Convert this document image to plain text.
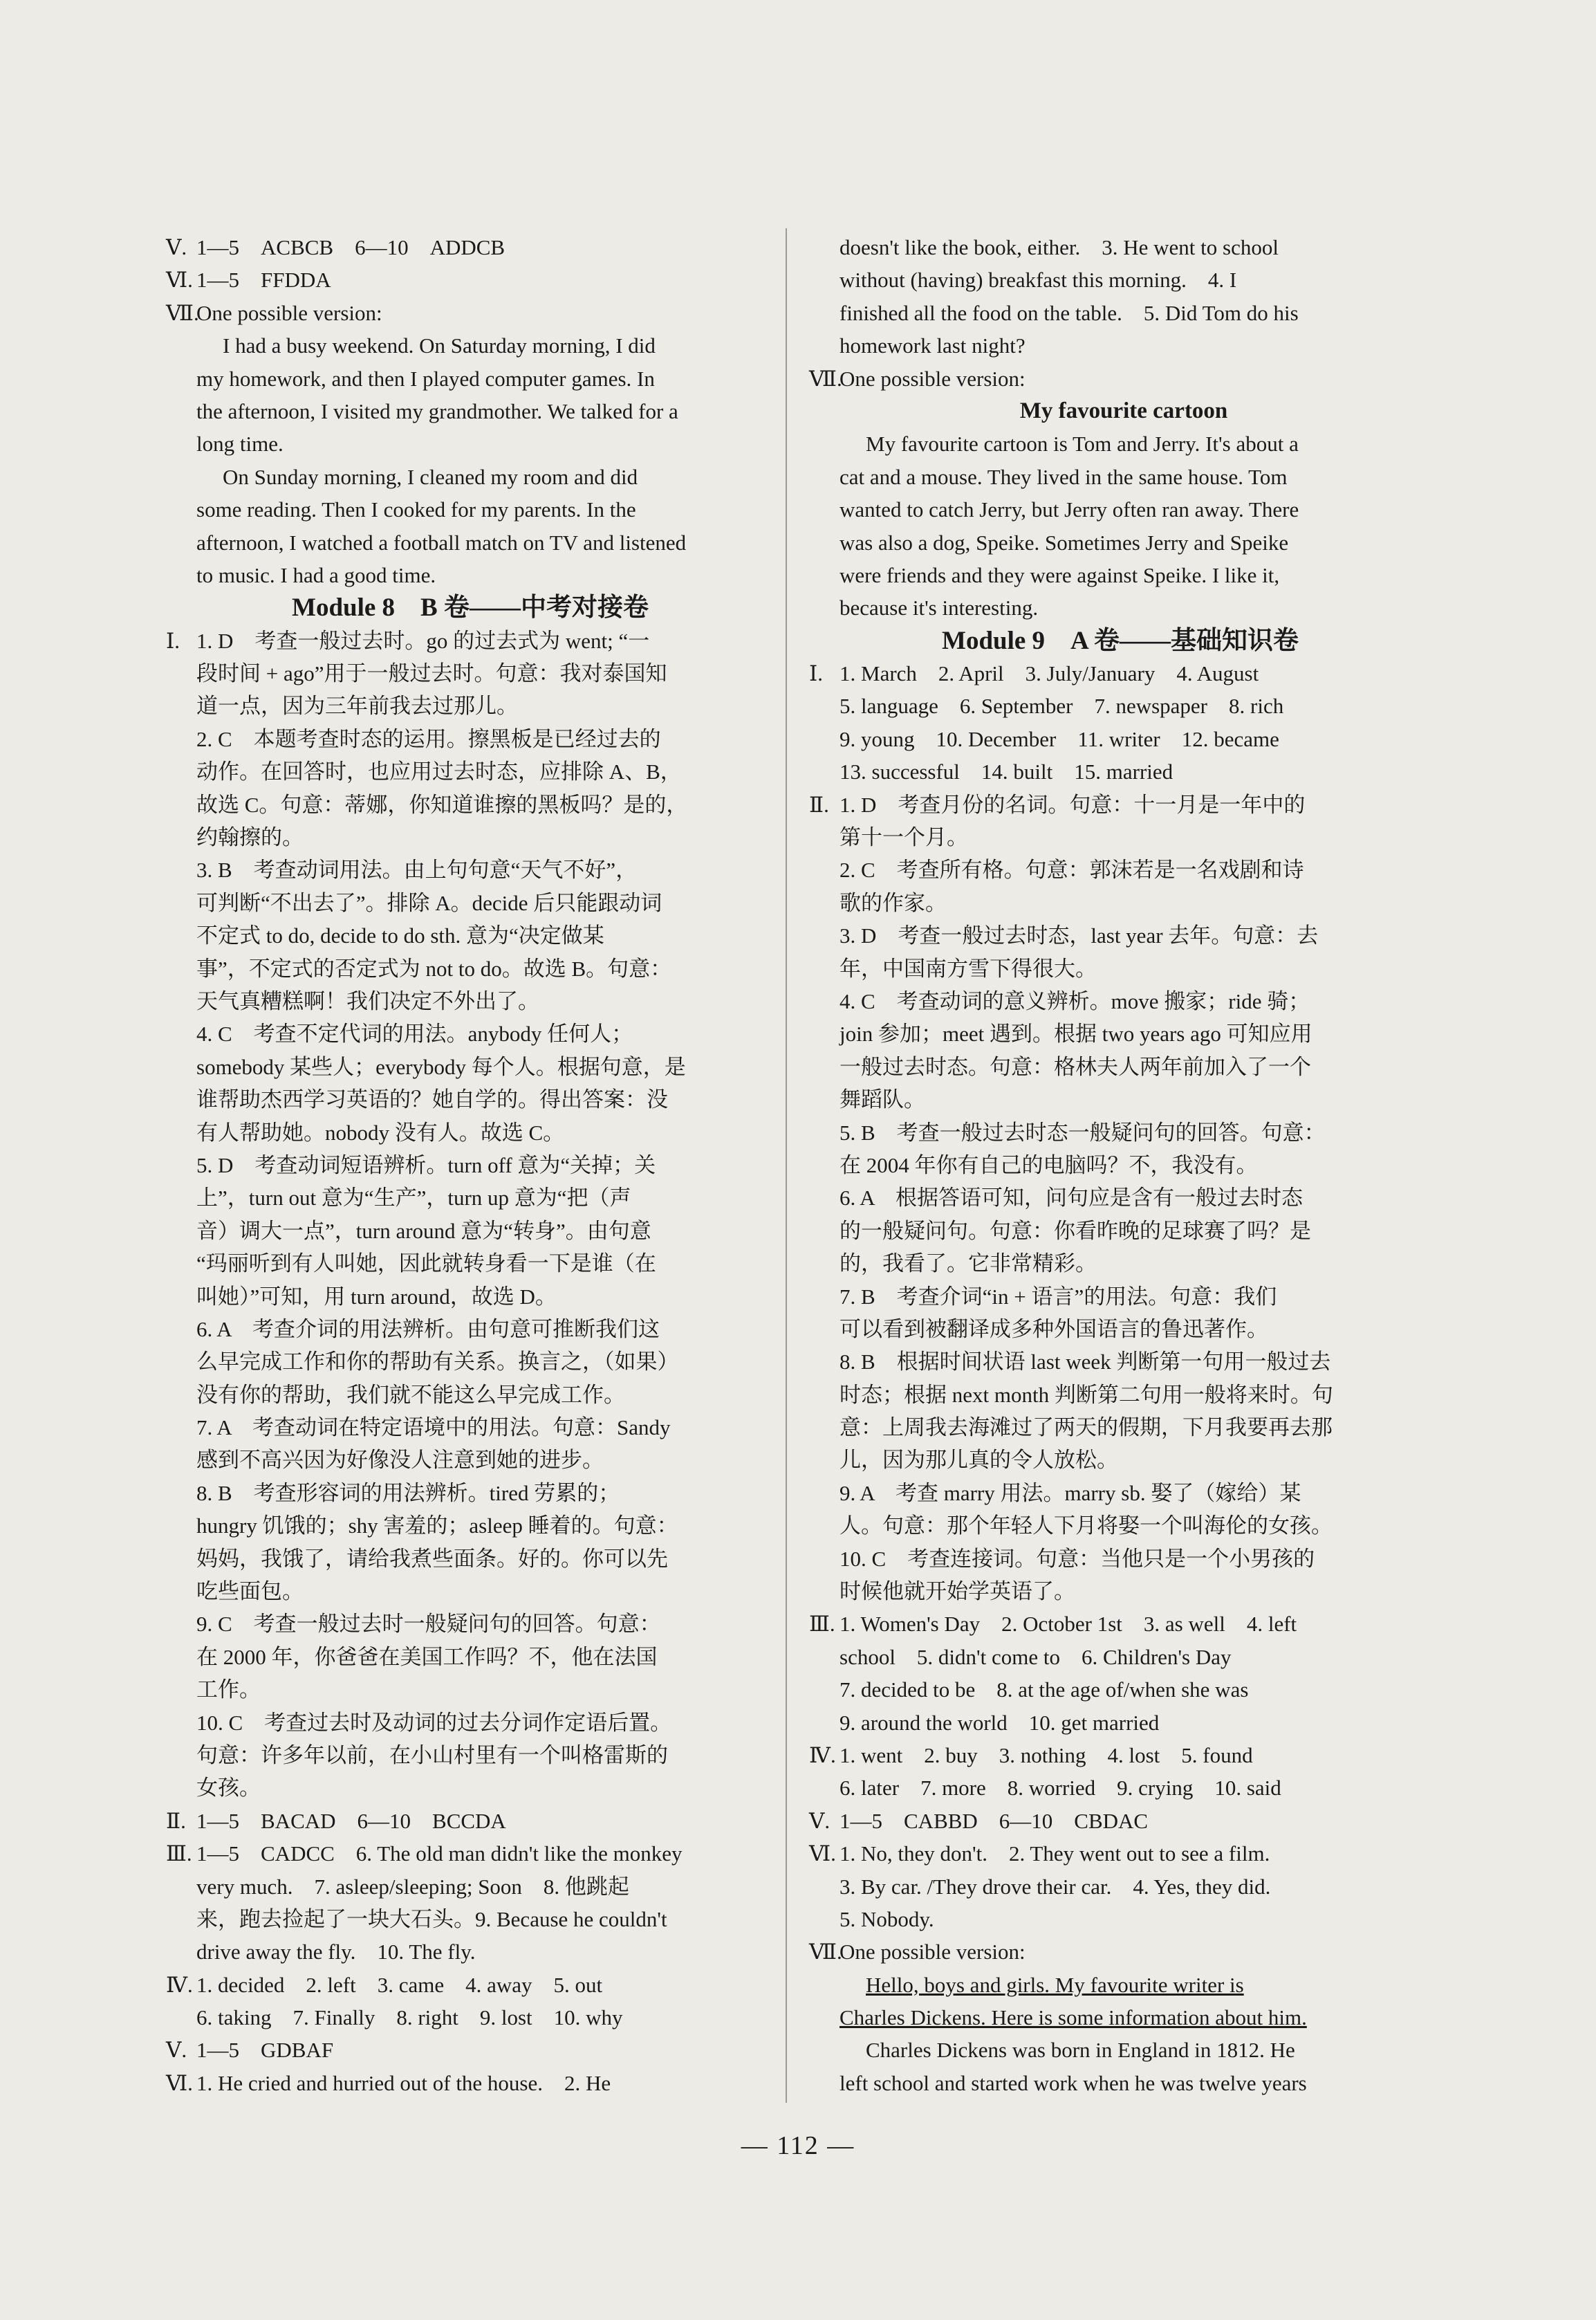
Ⅴ. 1—5　ACBCB　6—10　ADDCB
Ⅵ. 1—5　FFDDA
Ⅶ.One possible version:
I had a busy weekend. On Saturday morning, I did
my homework, and then I played computer games. In
the afternoon, I visited my grandmother. We talked for a
long time.
On Sunday morning, I cleaned my room and did
some reading. Then I cooked for my parents. In the
afternoon, I watched a football match on TV and listened
to music. I had a good time.
Module 8　B 卷——中考对接卷
Ⅰ. 1. D　考查一般过去时。go 的过去式为 went; “一
段时间 + ago”用于一般过去时。句意：我对泰国知
道一点，因为三年前我去过那儿。
2. C　本题考查时态的运用。擦黑板是已经过去的
动作。在回答时，也应用过去时态，应排除 A、B，
故选 C。句意：蒂娜，你知道谁擦的黑板吗？是的，
约翰擦的。
3. B　考查动词用法。由上句句意“天气不好”，
可判断“不出去了”。排除 A。decide 后只能跟动词
不定式 to do, decide to do sth. 意为“决定做某
事”，不定式的否定式为 not to do。故选 B。句意：
天气真糟糕啊！我们决定不外出了。
4. C　考查不定代词的用法。anybody 任何人；
somebody 某些人；everybody 每个人。根据句意，是
谁帮助杰西学习英语的？她自学的。得出答案：没
有人帮助她。nobody 没有人。故选 C。
5. D　考查动词短语辨析。turn off 意为“关掉；关
上”，turn out 意为“生产”，turn up 意为“把（声
音）调大一点”，turn around 意为“转身”。由句意
“玛丽听到有人叫她，因此就转身看一下是谁（在
叫她）”可知，用 turn around，故选 D。
6. A　考查介词的用法辨析。由句意可推断我们这
么早完成工作和你的帮助有关系。换言之，（如果）
没有你的帮助，我们就不能这么早完成工作。
7. A　考查动词在特定语境中的用法。句意：Sandy
感到不高兴因为好像没人注意到她的进步。
8. B　考查形容词的用法辨析。tired 劳累的；
hungry 饥饿的；shy 害羞的；asleep 睡着的。句意：
妈妈，我饿了，请给我煮些面条。好的。你可以先
吃些面包。
9. C　考查一般过去时一般疑问句的回答。句意：
在 2000 年，你爸爸在美国工作吗？不，他在法国
工作。
10. C　考查过去时及动词的过去分词作定语后置。
句意：许多年以前，在小山村里有一个叫格雷斯的
女孩。
Ⅱ. 1—5　BACAD　6—10　BCCDA
Ⅲ. 1—5　CADCC　6. The old man didn't like the monkey
very much.　7. asleep/sleeping; Soon　8. 他跳起
来，跑去捡起了一块大石头。9. Because he couldn't
drive away the fly.　10. The fly.
Ⅳ. 1. decided　2. left　3. came　4. away　5. out
6. taking　7. Finally　8. right　9. lost　10. why
Ⅴ. 1—5　GDBAF
Ⅵ. 1. He cried and hurried out of the house.　2. He
doesn't like the book, either.　3. He went to school
without (having) breakfast this morning.　4. I
finished all the food on the table.　5. Did Tom do his
homework last night?
Ⅶ.One possible version:
My favourite cartoon
My favourite cartoon is Tom and Jerry. It's about a
cat and a mouse. They lived in the same house. Tom
wanted to catch Jerry, but Jerry often ran away. There
was also a dog, Speike. Sometimes Jerry and Speike
were friends and they were against Speike. I like it,
because it's interesting.
Module 9　A 卷——基础知识卷
Ⅰ. 1. March　2. April　3. July/January　4. August
5. language　6. September　7. newspaper　8. rich
9. young　10. December　11. writer　12. became
13. successful　14. built　15. married
Ⅱ. 1. D　考查月份的名词。句意：十一月是一年中的
第十一个月。
2. C　考查所有格。句意：郭沫若是一名戏剧和诗
歌的作家。
3. D　考查一般过去时态，last year 去年。句意：去
年，中国南方雪下得很大。
4. C　考查动词的意义辨析。move 搬家；ride 骑；
join 参加；meet 遇到。根据 two years ago 可知应用
一般过去时态。句意：格林夫人两年前加入了一个
舞蹈队。
5. B　考查一般过去时态一般疑问句的回答。句意：
在 2004 年你有自己的电脑吗？不，我没有。
6. A　根据答语可知，问句应是含有一般过去时态
的一般疑问句。句意：你看昨晚的足球赛了吗？是
的，我看了。它非常精彩。
7. B　考查介词“in + 语言”的用法。句意：我们
可以看到被翻译成多种外国语言的鲁迅著作。
8. B　根据时间状语 last week 判断第一句用一般过去
时态；根据 next month 判断第二句用一般将来时。句
意：上周我去海滩过了两天的假期，下月我要再去那
儿，因为那儿真的令人放松。
9. A　考查 marry 用法。marry sb. 娶了（嫁给）某
人。句意：那个年轻人下月将娶一个叫海伦的女孩。
10. C　考查连接词。句意：当他只是一个小男孩的
时候他就开始学英语了。
Ⅲ. 1. Women's Day　2. October 1st　3. as well　4. left
school　5. didn't come to　6. Children's Day
7. decided to be　8. at the age of/when she was
9. around the world　10. get married
Ⅳ. 1. went　2. buy　3. nothing　4. lost　5. found
6. later　7. more　8. worried　9. crying　10. said
Ⅴ. 1—5　CABBD　6—10　CBDAC
Ⅵ. 1. No, they don't.　2. They went out to see a film.
3. By car. /They drove their car.　4. Yes, they did.
5. Nobody.
Ⅶ.One possible version:
Hello, boys and girls. My favourite writer is
Charles Dickens. Here is some information about him.
Charles Dickens was born in England in 1812. He
left school and started work when he was twelve years
— 112 —
